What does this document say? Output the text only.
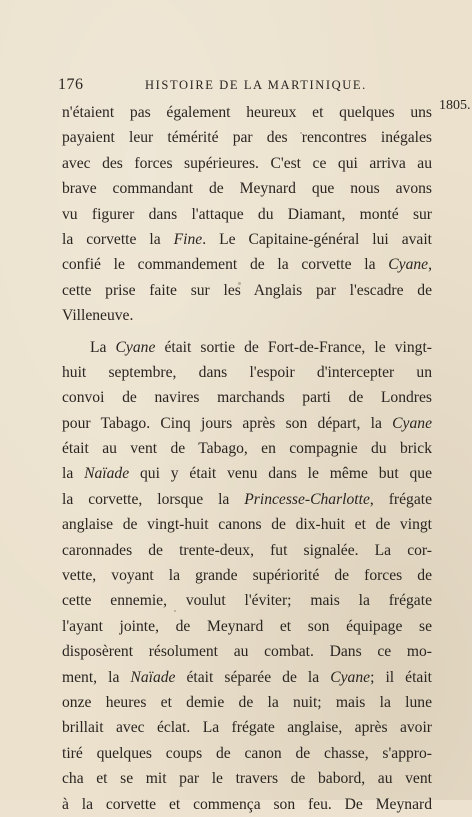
176	HISTOIRE DE LA MARTINIQUE.
1805.
n'étaient pas également heureux et quelques uns
payaient leur témérité par des rencontres inégales
avec des forces supérieures. C'est ce qui arriva au
brave commandant de Meynard que nous avons
vu figurer dans l'attaque du Diamant, monté sur
la corvette la Fine. Le Capitaine-général lui avait
confié le commandement de la corvette la Cyane,
cette prise faite sur les Anglais par l'escadre de
Villeneuve.
La Cyane était sortie de Fort-de-France, le vingt-
huit septembre, dans l'espoir d'intercepter un
convoi de navires marchands parti de Londres
pour Tabago. Cinq jours après son départ, la Cyane
était au vent de Tabago, en compagnie du brick
la Naïade qui y était venu dans le même but que
la corvette, lorsque la Princesse-Charlotte, frégate
anglaise de vingt-huit canons de dix-huit et de vingt
caronnades de trente-deux, fut signalée. La cor-
vette, voyant la grande supériorité de forces de
cette ennemie, voulut l'éviter; mais la frégate
l'ayant jointe, de Meynard et son équipage se
disposèrent résolument au combat. Dans ce mo-
ment, la Naïade était séparée de la Cyane; il était
onze heures et demie de la nuit; mais la lune
brillait avec éclat. La frégate anglaise, après avoir
tiré quelques coups de canon de chasse, s'appro-
cha et se mit par le travers de babord, au vent
à la corvette et commença son feu. De Meynard
